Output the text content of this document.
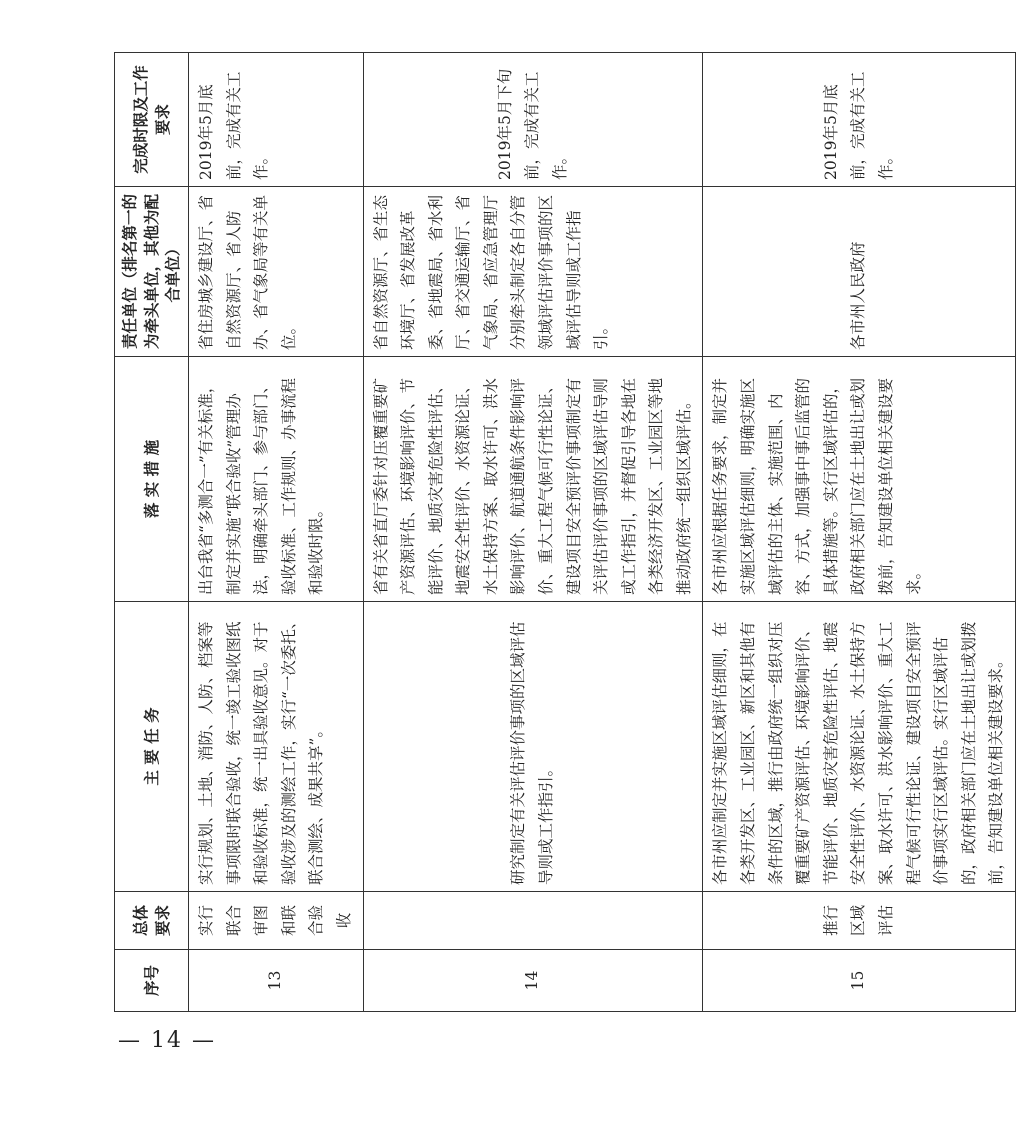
序号	总体要求	主 要 任 务	落 实 措 施	责任单位（排名第一的为牵头单位，其他为配合单位）	完成时限及工作要求
13	实行联合审图和联合验收	实行规划、土地、消防、人防、档案等事项限时联合验收，统一竣工验收图纸和验收标准，统一出具验收意见。对于验收涉及的测绘工作，实行“一次委托、联合测绘、成果共享”。	出台我省“多测合一”有关标准，制定并实施“联合验收”管理办法，明确牵头部门、参与部门、验收标准、工作规则、办事流程和验收时限。	省住房城乡建设厅、省自然资源厅、省人防办、省气象局等有关单位。	2019年5月底前，完成有关工作。
14		研究制定有关评估评价事项的区域评估导则或工作指引。	省有关省直厅委针对压覆重要矿产资源评估、环境影响评价、节能评价、地质灾害危险性评估、地震安全性评价、水资源论证、水土保持方案、取水许可、洪水影响评价、航道通航条件影响评价、重大工程气候可行性论证、建设项目安全预评价事项制定有关评估评价事项的区域评估导则或工作指引，并督促引导各地在各类经济开发区、工业园区等地推动政府统一组织区域评估。	省自然资源厅、省生态环境厅、省发展改革委、省地震局、省水利厅、省交通运输厅、省气象局、省应急管理厅分别牵头制定各自分管领域评估评价事项的区域评估导则或工作指引。	2019年5月下旬前，完成有关工作。
15	推行区域评估	各市州应制定并实施区域评估细则，在各类开发区、工业园区、新区和其他有条件的区域，推行由政府统一组织对压覆重要矿产资源评估、环境影响评价、节能评价、地质灾害危险性评估、地震安全性评价、水资源论证、水土保持方案、取水许可、洪水影响评价、重大工程气候可行性论证、建设项目安全预评价事项实行区域评估。实行区域评估的，政府相关部门应在土地出让或划拨前，告知建设单位相关建设要求。	各市州应根据任务要求，制定并实施区域评估细则，明确实施区域评估的主体、实施范围、内容、方式，加强事中事后监管的具体措施等。实行区域评估的，政府相关部门应在土地出让或划拨前，告知建设单位相关建设要求。	各市州人民政府	2019年5月底前，完成有关工作。
— 14 —
